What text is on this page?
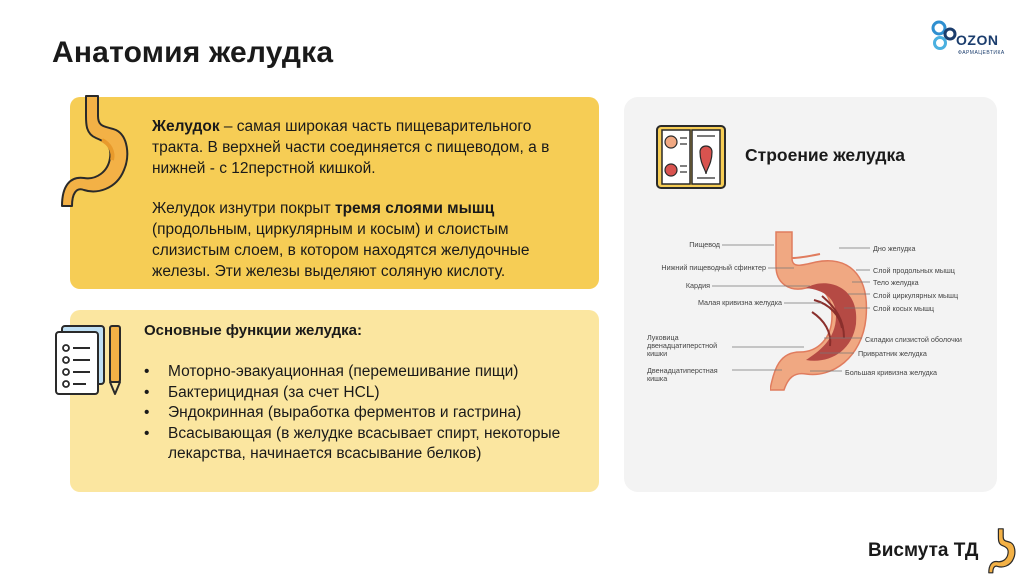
Анатомия желудка	OZON
ФАРМАЦЕВТИКА
Желудок – самая широкая часть пищеварительного тракта. В верхней части соединяется с пищеводом, а в нижней - с 12перстной кишкой.
Желудок изнутри покрыт тремя слоями мышц (продольным, циркулярным и косым) и слоистым слизистым слоем, в котором находятся желудочные железы. Эти железы выделяют соляную кислоту.
Основные функции желудка:
• Моторно-эвакуационная (перемешивание пищи)
• Бактерицидная (за счет HCL)
• Эндокринная (выработка ферментов и гастрина)
• Всасывающая (в желудке всасывает спирт, некоторые лекарства, начинается всасывание белков)
Строение желудка
Пищевод
Нижний пищеводный сфинктер
Кардия
Малая кривизна желудка
Луковица двенадцатиперстной кишки
Двенадцатиперстная кишка
Дно желудка
Слой продольных мышц
Тело желудка
Слой циркулярных мышц
Слой косых мышц
Складки слизистой оболочки
Привратник желудка
Большая кривизна желудка
Висмута ТД
